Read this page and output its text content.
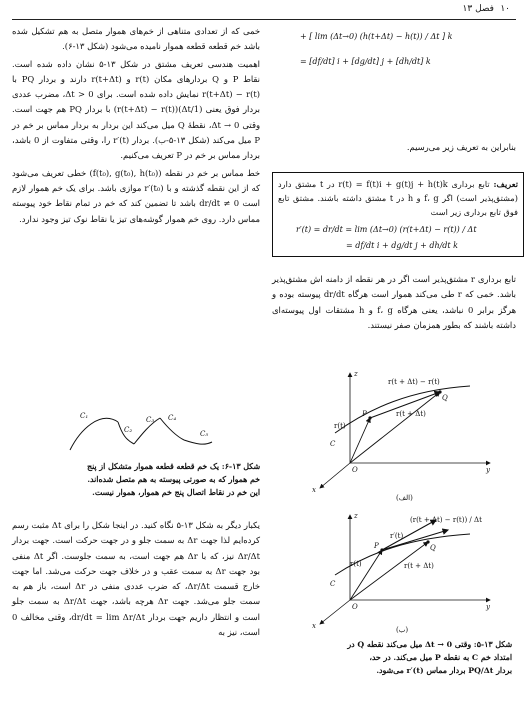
۱۰
فصل ۱۳

خمی که از تعدادی متناهی از خم‌های هموار متصل به هم تشکیل شده باشد خم قطعه قطعه هموار نامیده می‌شود (شکل ۱۳-۶).

اهمیت هندسی تعریف مشتق در شکل ۱۳-۵ نشان داده شده است. نقاط P و Q بردارهای مکان r(t) و r(t+Δt) دارند و بردار PQ با r(t+Δt) − r(t) نمایش داده شده است. برای Δt > 0، مضرب عددی بردار فوق یعنی (1/Δt)(r(t+Δt) − r(t)) با بردار PQ هم جهت است. وقتی Δt → 0، نقطهٔ Q میل می‌کند این بردار به بردار مماس بر خم در P میل می‌کند (شکل ۱۳-۵-ب). بردار r′(t) را، وقتی متفاوت از 0 باشد، بردار مماس بر خم در P تعریف می‌کنیم.

خط مماس بر خم در نقطه (f(t₀), g(t₀), h(t₀)) خطی تعریف می‌شود که از این نقطه گذشته و با r′(t₀) موازی باشد. برای یک خم هموار لازم است dr/dt ≠ 0 باشد تا تضمین کند که خم در تمام نقاط خود پیوسته مماس دارد. روی خم هموار گوشه‌های تیز یا نقاط نوک تیز وجود ندارد.

C₁
C₂
C₃ C₄
C₅
شکل ۱۳-۶: یک خم قطعه قطعه هموار متشکل از پنج
خم هموار که به صورتی پیوسته به هم متصل شده‌اند.
این خم در نقاط اتصال پنج خم هموار، هموار نیست.

یکبار دیگر به شکل ۱۳-۵ نگاه کنید. در اینجا شکل را برای Δt مثبت رسم کرده‌ایم لذا جهت Δr به سمت جلو و در جهت حرکت است. جهت بردار Δr/Δt نیز، که با Δr هم جهت است، به سمت جلوست. اگر Δt منفی بود جهت Δr به سمت عقب و در خلاف جهت حرکت می‌شد. اما جهت خارج قسمت Δr/Δt، که ضرب عددی منفی در Δr است، باز هم به سمت جلو می‌شد. جهت Δr هرچه باشد، جهت Δr/Δt به سمت جلو است و انتظار داریم جهت بردار dr/dt = lim Δr/Δt، وقتی مخالف 0 است، نیز به

+ [ lim (Δt→0) (h(t+Δt) − h(t)) / Δt ] k
= [df/dt] i + [dg/dt] j + [dh/dt] k

بنابراین به تعریف زیر می‌رسیم.

تعریف: تابع برداری r(t) = f(t)i + g(t)j + h(t)k در t مشتق دارد (مشتق‌پذیر است) اگر f، g و h در t مشتق داشته باشند. مشتق تابع فوق تابع برداری زیر است
r′(t) = dr/dt = lim (Δt→0) (r(t+Δt) − r(t)) / Δt
= df/dt i + dg/dt j + dh/dt k

تابع برداری r مشتق‌پذیر است اگر در هر نقطه از دامنه اش مشتق‌پذیر باشد. خمی که r طی می‌کند هموار است هرگاه dr/dt پیوسته بوده و هرگز برابر 0 نباشد، یعنی هرگاه f، g و h مشتقات اول پیوسته‌ای داشته باشند که بطور همزمان صفر نیستند.

z
y
x
O
P
Q
C
r(t + Δt) − r(t)
r(t + Δt)
r(t)
(الف)
z
y
x
O
P	Q
C
(r(t + Δt) − r(t)) / Δt
r′(t)
r(t + Δt)
r(t)
(ب)
شکل ۱۳-۵: وقتی Δt → 0 میل می‌کند نقطه Q در
امتداد خم C به نقطه P میل می‌کند. در حد،
بردار PQ/Δt بردار مماس r′(t) می‌شود.
